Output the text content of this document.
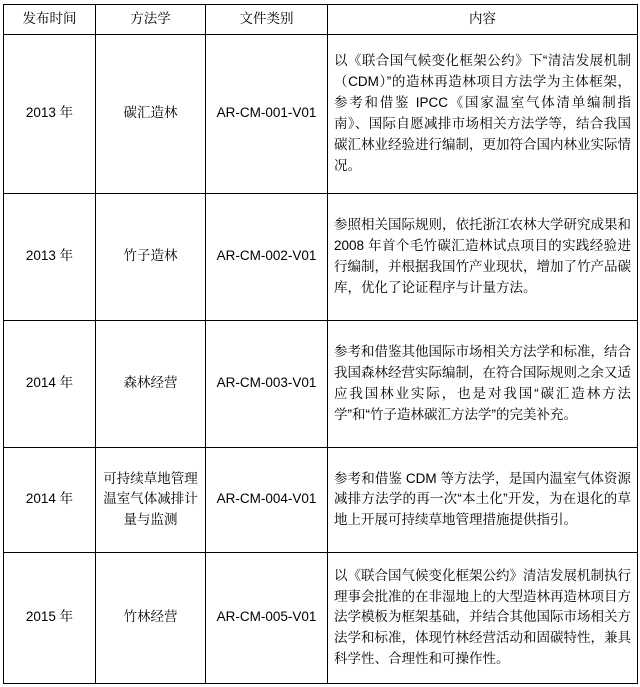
发布时间	方法学	文件类别	内容
2013 年	碳汇造林	AR-CM-001-V01	以《联合国气候变化框架公约》下“清洁发展机制（CDM）”的造林再造林项目方法学为主体框架，参考和借鉴 IPCC《国家温室气体清单编制指南》、国际自愿减排市场相关方法学等，结合我国碳汇林业经验进行编制，更加符合国内林业实际情况。
2013 年	竹子造林	AR-CM-002-V01	参照相关国际规则，依托浙江农林大学研究成果和 2008 年首个毛竹碳汇造林试点项目的实践经验进行编制，并根据我国竹产业现状，增加了竹产品碳库，优化了论证程序与计量方法。
2014 年	森林经营	AR-CM-003-V01	参考和借鉴其他国际市场相关方法学和标准，结合我国森林经营实际编制，在符合国际规则之余又适应我国林业实际，也是对我国“碳汇造林方法学”和“竹子造林碳汇方法学”的完美补充。
2014 年	可持续草地管理温室气体减排计量与监测	AR-CM-004-V01	参考和借鉴 CDM 等方法学，是国内温室气体资源减排方法学的再一次“本土化”开发，为在退化的草地上开展可持续草地管理措施提供指引。
2015 年	竹林经营	AR-CM-005-V01	以《联合国气候变化框架公约》清洁发展机制执行理事会批准的在非湿地上的大型造林再造林项目方法学模板为框架基础，并结合其他国际市场相关方法学和标准，体现竹林经营活动和固碳特性，兼具科学性、合理性和可操作性。
